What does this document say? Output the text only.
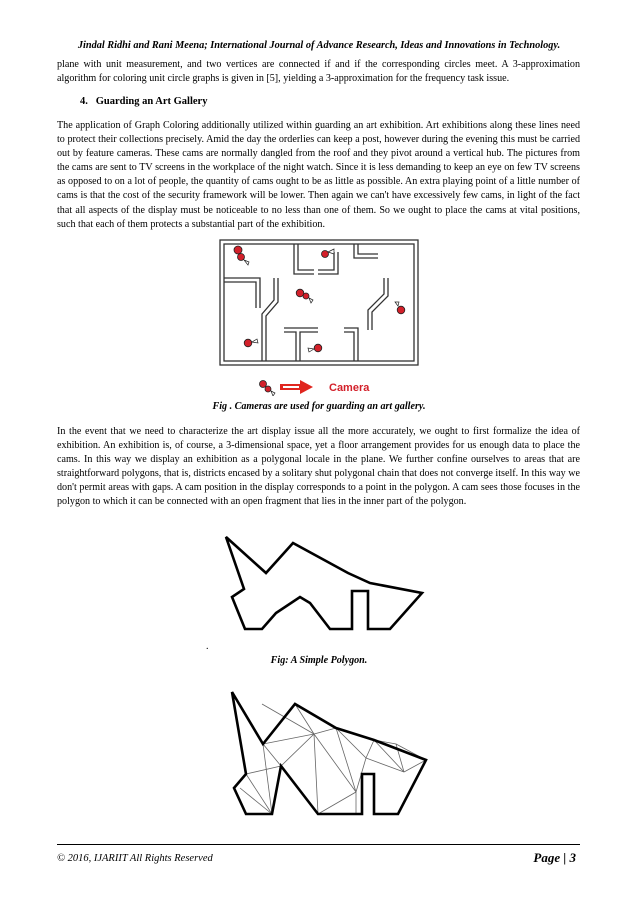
Jindal Ridhi and Rani Meena; International Journal of Advance Research, Ideas and Innovations in Technology.

plane with unit measurement, and two vertices are connected if and if the corresponding circles meet. A 3-approximation algorithm for coloring unit circle graphs is given in [5], yielding a 3-approximation for the frequency task issue.

4. Guarding an Art Gallery

The application of Graph Coloring additionally utilized within guarding an art exhibition. Art exhibitions along these lines need to protect their collections precisely. Amid the day the orderlies can keep a post, however during the evening this must be carried out by feature cameras. These cams are normally dangled from the roof and they pivot around a vertical hub. The pictures from the cams are sent to TV screens in the workplace of the night watch. Since it is less demanding to keep an eye on few TV screens as opposed to on a lot of people, the quantity of cams ought to be as little as possible. An extra playing point of a little number of cams is that the cost of the security framework will be lower. Then again we can't have excessively few cams, in light of the fact that all aspects of the display must be noticeable to no less than one of them. So we ought to place the cams at vital positions, such that each of them protects a substantial part of the exhibition.

Camera
Fig . Cameras are used for guarding an art gallery.

In the event that we need to characterize the art display issue all the more accurately, we ought to first formalize the idea of exhibition. An exhibition is, of course, a 3-dimensional space, yet a floor arrangement provides for us enough data to place the cams. In this way we display an exhibition as a polygonal locale in the plane. We further confine ourselves to areas that are straightforward polygons, that is, districts encased by a solitary shut polygonal chain that does not converge itself. In this way we don't permit areas with gaps. A cam position in the display corresponds to a point in the polygon. A cam sees those focuses in the polygon to which it can be connected with an open fragment that lies in the inner part of the polygon.

.
Fig: A Simple Polygon.
© 2016, IJARIIT All Rights Reserved	Page | 3
